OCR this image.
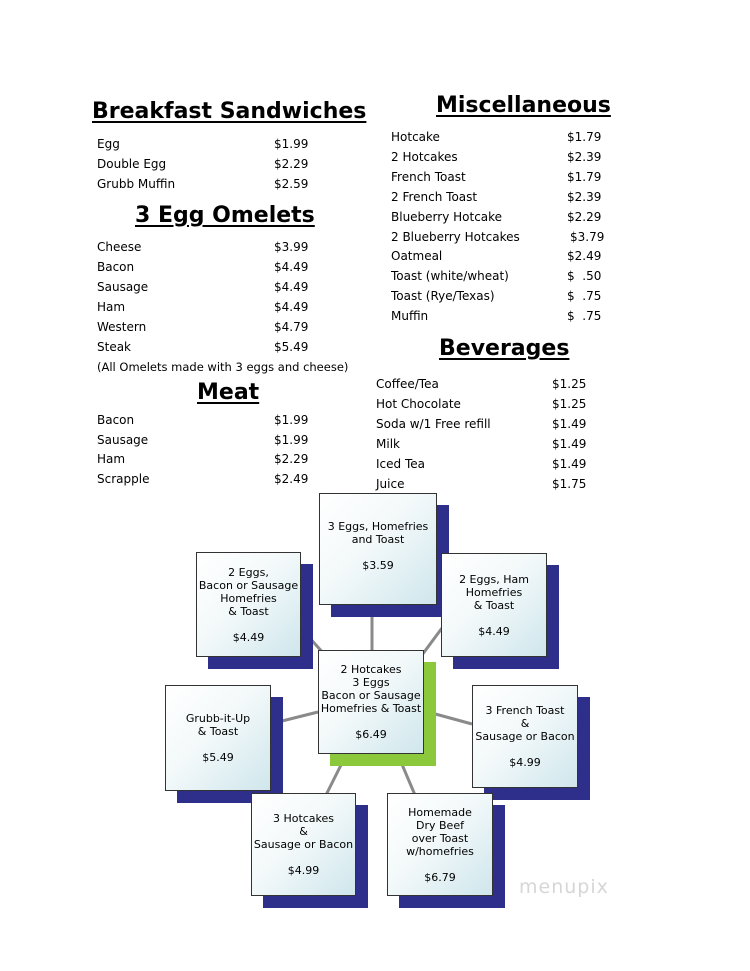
Breakfast Sandwiches
3 Egg Omelets
Meat
Miscellaneous
Beverages
Egg	$1.99
Double Egg	$2.29
Grubb Muffin	$2.59
Cheese	$3.99
Bacon	$4.49
Sausage	$4.49
Ham	$4.49
Western	$4.79
Steak	$5.49
(All Omelets made with 3 eggs and cheese)
Bacon	$1.99
Sausage	$1.99
Ham	$2.29
Scrapple	$2.49
Hotcake	$1.79
2 Hotcakes	$2.39
French Toast	$1.79
2 French Toast	$2.39
Blueberry Hotcake	$2.29
2 Blueberry Hotcakes	$3.79
Oatmeal	$2.49
Toast (white/wheat)	$  .50
Toast (Rye/Texas)	$  .75
Muffin	$  .75
Coffee/Tea	$1.25
Hot Chocolate	$1.25
Soda w/1 Free refill	$1.49
Milk	$1.49
Iced Tea	$1.49
Juice	$1.75
3 Eggs, Homefries
and Toast
$3.59
2 Eggs,
Bacon or Sausage
Homefries
& Toast
$4.49
2 Eggs, Ham
Homefries
& Toast
$4.49
2 Hotcakes
3 Eggs
Bacon or Sausage
Homefries & Toast
$6.49
Grubb-it-Up
& Toast
$5.49
3 French Toast
&
Sausage or Bacon
$4.99
3 Hotcakes
&
Sausage or Bacon
$4.99
Homemade
Dry Beef
over Toast
w/homefries
$6.79	menupix
